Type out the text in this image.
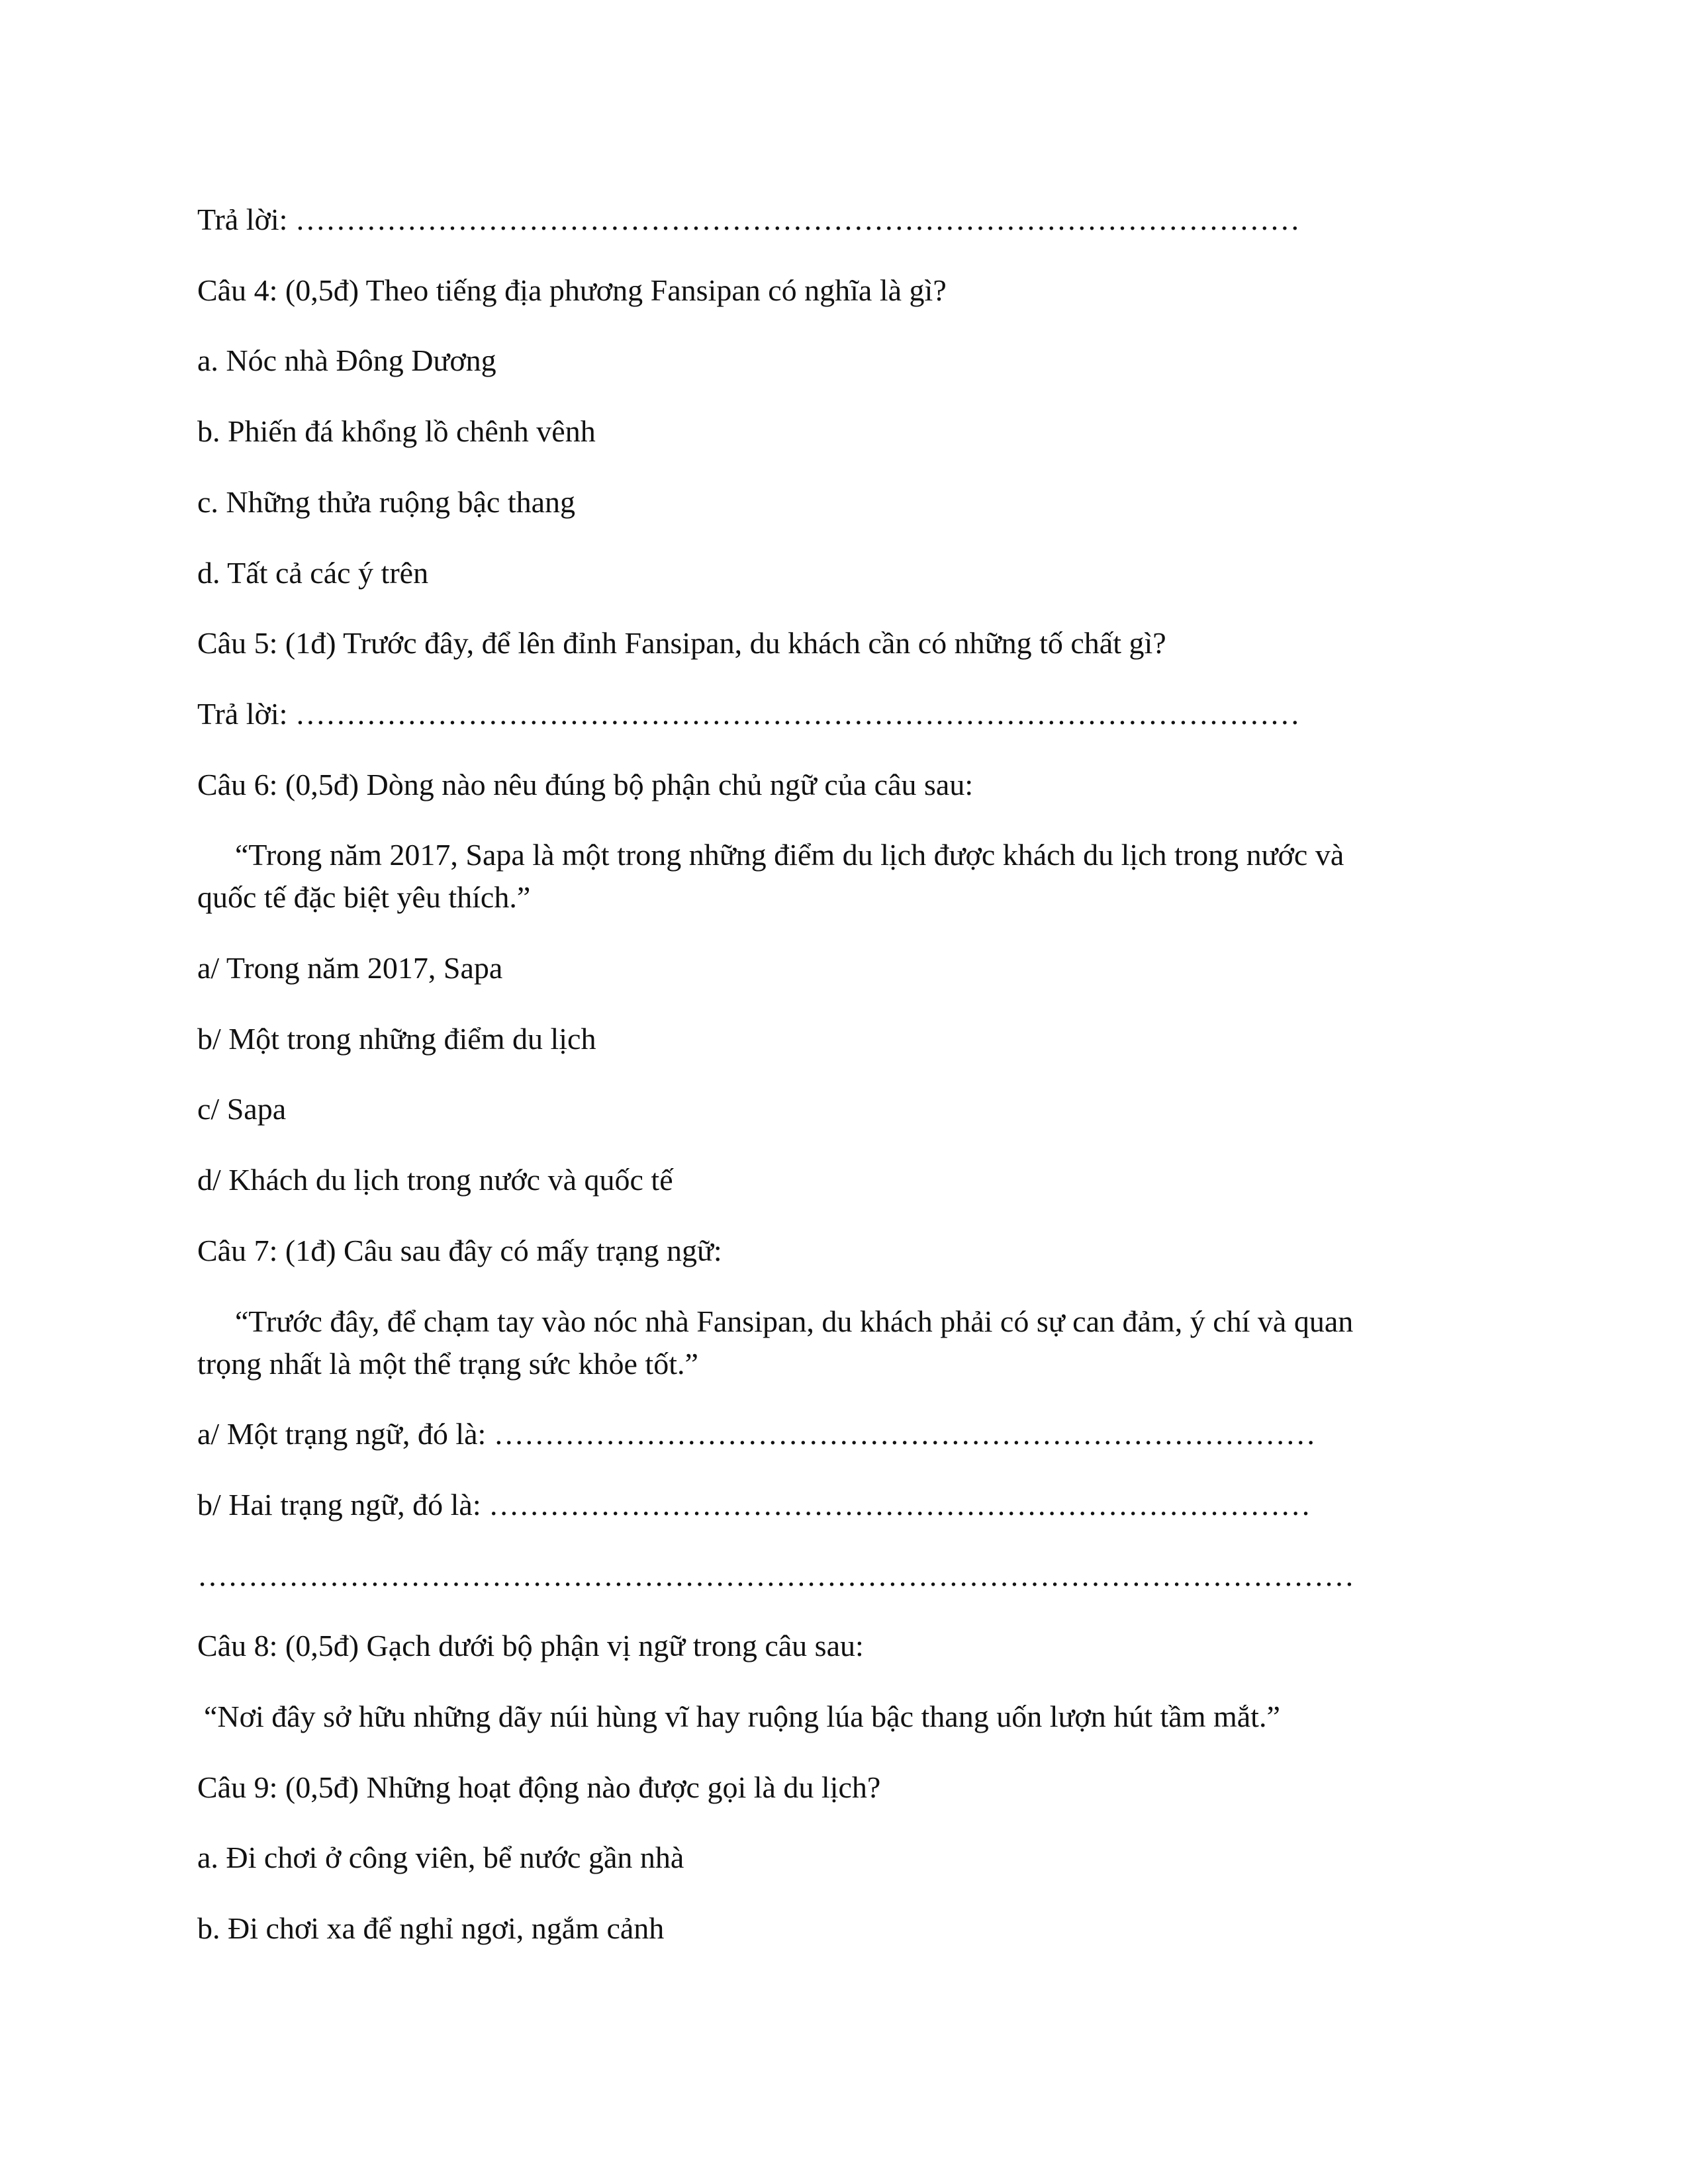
Trả lời: ………………………………………………………………………………………

Câu 4: (0,5đ) Theo tiếng địa phương Fansipan có nghĩa là gì?

a. Nóc nhà Đông Dương

b. Phiến đá khổng lồ chênh vênh

c. Những thửa ruộng bậc thang

d. Tất cả các ý trên

Câu 5: (1đ) Trước đây, để lên đỉnh Fansipan, du khách cần có những tố chất gì?

Trả lời: ………………………………………………………………………………………

Câu 6: (0,5đ) Dòng nào nêu đúng bộ phận chủ ngữ của câu sau:

“Trong năm 2017, Sapa là một trong những điểm du lịch được khách du lịch trong nước và

quốc tế đặc biệt yêu thích.”

a/ Trong năm 2017, Sapa

b/ Một trong những điểm du lịch

c/ Sapa

d/ Khách du lịch trong nước và quốc tế

Câu 7: (1đ) Câu sau đây có mấy trạng ngữ:

“Trước đây, để chạm tay vào nóc nhà Fansipan, du khách phải có sự can đảm, ý chí và quan

trọng nhất là một thể trạng sức khỏe tốt.”

a/ Một trạng ngữ, đó là: ………………………………………………………………………

b/ Hai trạng ngữ, đó là: ………………………………………………………………………

……………………………………………………………………………………………………

Câu 8: (0,5đ) Gạch dưới bộ phận vị ngữ trong câu sau:

“Nơi đây sở hữu những dãy núi hùng vĩ hay ruộng lúa bậc thang uốn lượn hút tầm mắt.”

Câu 9: (0,5đ) Những hoạt động nào được gọi là du lịch?

a. Đi chơi ở công viên, bể nước gần nhà

b. Đi chơi xa để nghỉ ngơi, ngắm cảnh
